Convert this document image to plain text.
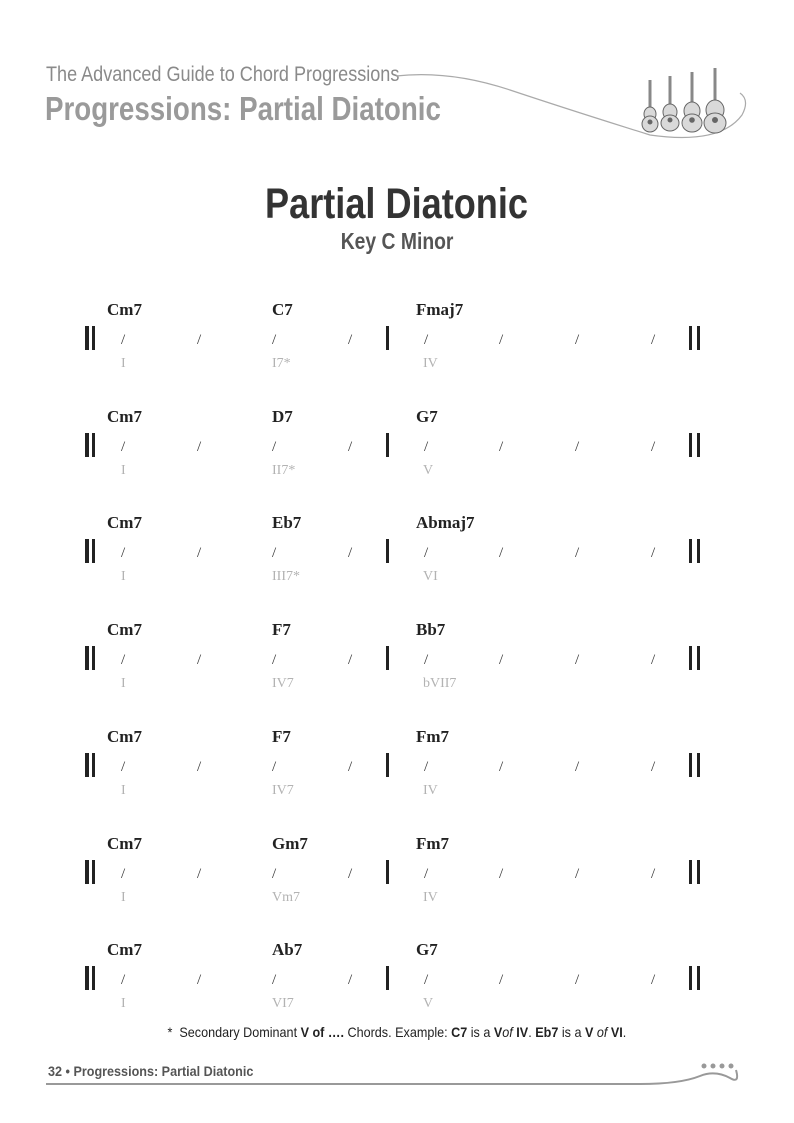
The Advanced Guide to Chord Progressions
Progressions: Partial Diatonic
Partial Diatonic
Key C Minor
Cm7	C7	Fmaj7
/	/	/	/	/	/	/	/
I	I7*	IV
Cm7	D7	G7
/	/	/	/	/	/	/	/
I	II7*	V
Cm7	Eb7	Abmaj7
/	/	/	/	/	/	/	/
I	III7*	VI
Cm7	F7	Bb7
/	/	/	/	/	/	/	/
I	IV7	bVII7
Cm7	F7	Fm7
/	/	/	/	/	/	/	/
I	IV7	IV
Cm7	Gm7	Fm7
/	/	/	/	/	/	/	/
I	Vm7	IV
Cm7	Ab7	G7
/	/	/	/	/	/	/	/
I	VI7	V
* Secondary Dominant V of …. Chords. Example: C7 is a Vof IV. Eb7 is a V of VI.
32 • Progressions: Partial Diatonic
